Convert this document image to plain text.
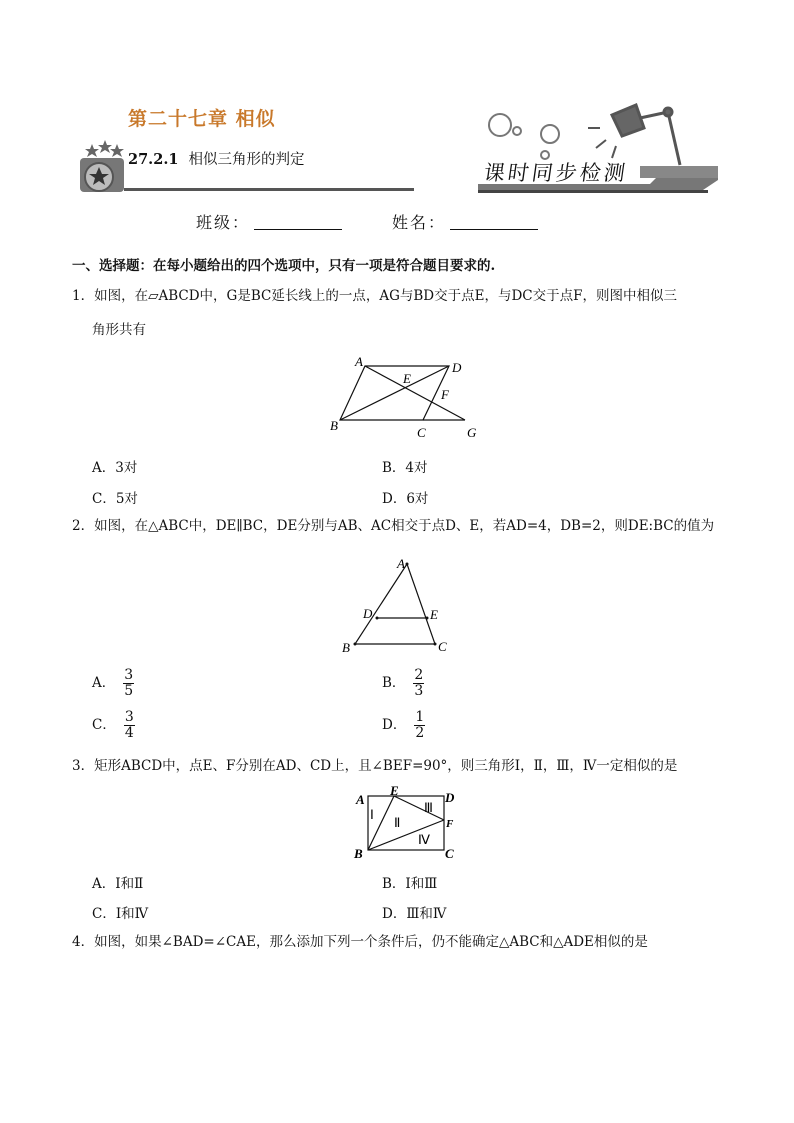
第二十七章 相似
27.2.1 相似三角形的判定
课时同步检测
班级：	姓名：
一、选择题：在每小题给出的四个选项中，只有一项是符合题目要求的.
1．如图，在▱ABCD中，G是BC延长线上的一点，AG与BD交于点E，与DC交于点F，则图中相似三
角形共有
A	D
E
F
B	C	G
A．3对	B．4对
C．5对	D．6对
2．如图，在△ABC中，DE∥BC，DE分别与AB、AC相交于点D、E，若AD=4，DB=2，则DE:BC的值为
A
D	E
B	C
A． $\frac{3}{5}$	B． $\frac{2}{3}$
C． $\frac{3}{4}$	D． $\frac{1}{2}$
3．矩形ABCD中，点E、F分别在AD、CD上，且∠BEF=90°，则三角形Ⅰ，Ⅱ，Ⅲ，Ⅳ一定相似的是
A
E	D
F
B	C
Ⅰ
Ⅱ
Ⅲ
Ⅳ
A．Ⅰ和Ⅱ	B．Ⅰ和Ⅲ
C．Ⅰ和Ⅳ	D．Ⅲ和Ⅳ
4．如图，如果∠BAD=∠CAE，那么添加下列一个条件后，仍不能确定△ABC和△ADE相似的是
